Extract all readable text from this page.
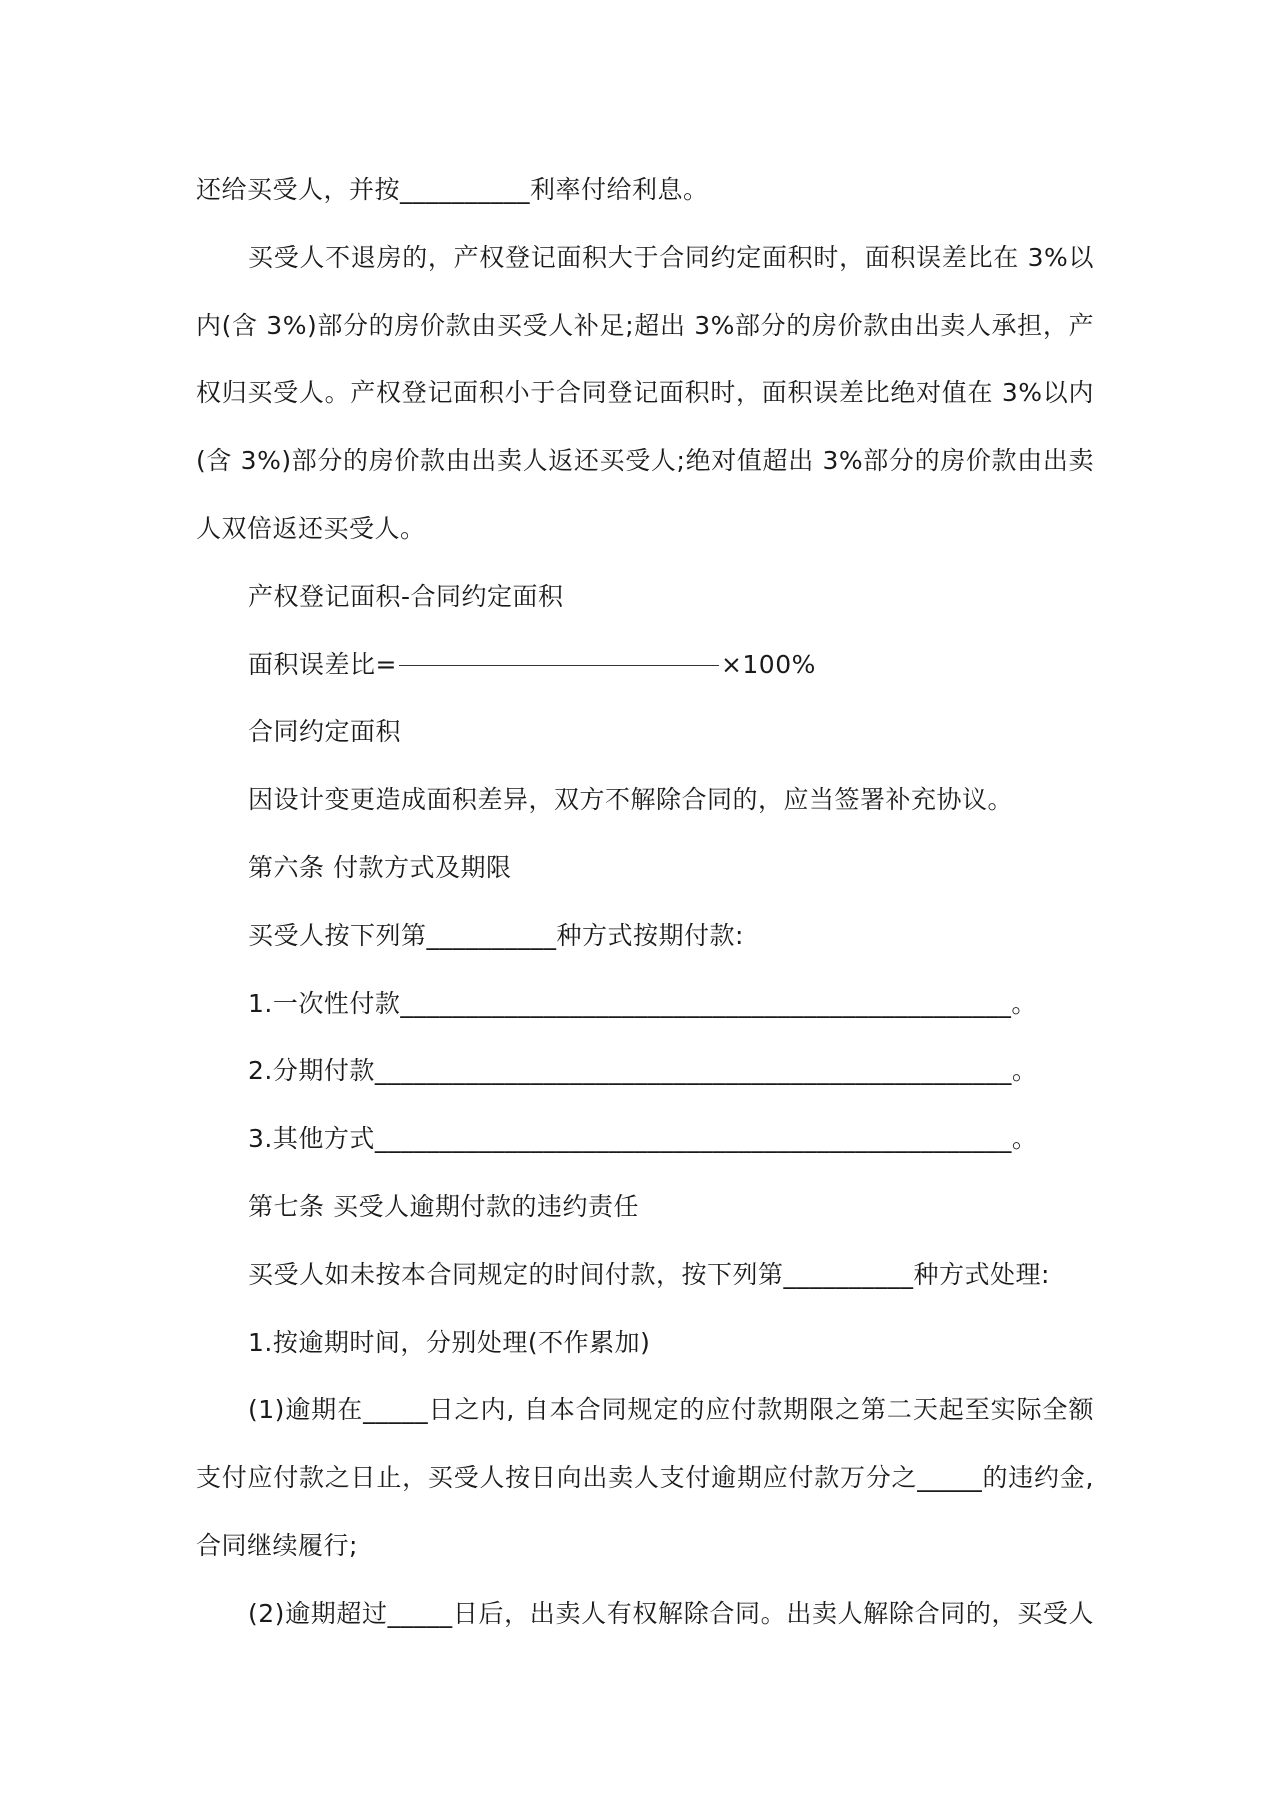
还给买受人，并按__________利率付给利息。
买受人不退房的，产权登记面积大于合同约定面积时，面积误差比在 3%以
内(含 3%)部分的房价款由买受人补足;超出 3%部分的房价款由出卖人承担，产
权归买受人。产权登记面积小于合同登记面积时，面积误差比绝对值在 3%以内
(含 3%)部分的房价款由出卖人返还买受人;绝对值超出 3%部分的房价款由出卖
人双倍返还买受人。
产权登记面积-合同约定面积
面积误差比=	×100%
合同约定面积
因设计变更造成面积差异，双方不解除合同的，应当签署补充协议。
第六条 付款方式及期限
买受人按下列第__________种方式按期付款:
1.一次性付款_______________________________________________。
2.分期付款_________________________________________________。
3.其他方式_________________________________________________。
第七条 买受人逾期付款的违约责任
买受人如未按本合同规定的时间付款，按下列第__________种方式处理:
1.按逾期时间，分别处理(不作累加)
(1)逾期在_____日之内, 自本合同规定的应付款期限之第二天起至实际全额
支付应付款之日止，买受人按日向出卖人支付逾期应付款万分之_____的违约金,
合同继续履行;
(2)逾期超过_____日后，出卖人有权解除合同。出卖人解除合同的，买受人
